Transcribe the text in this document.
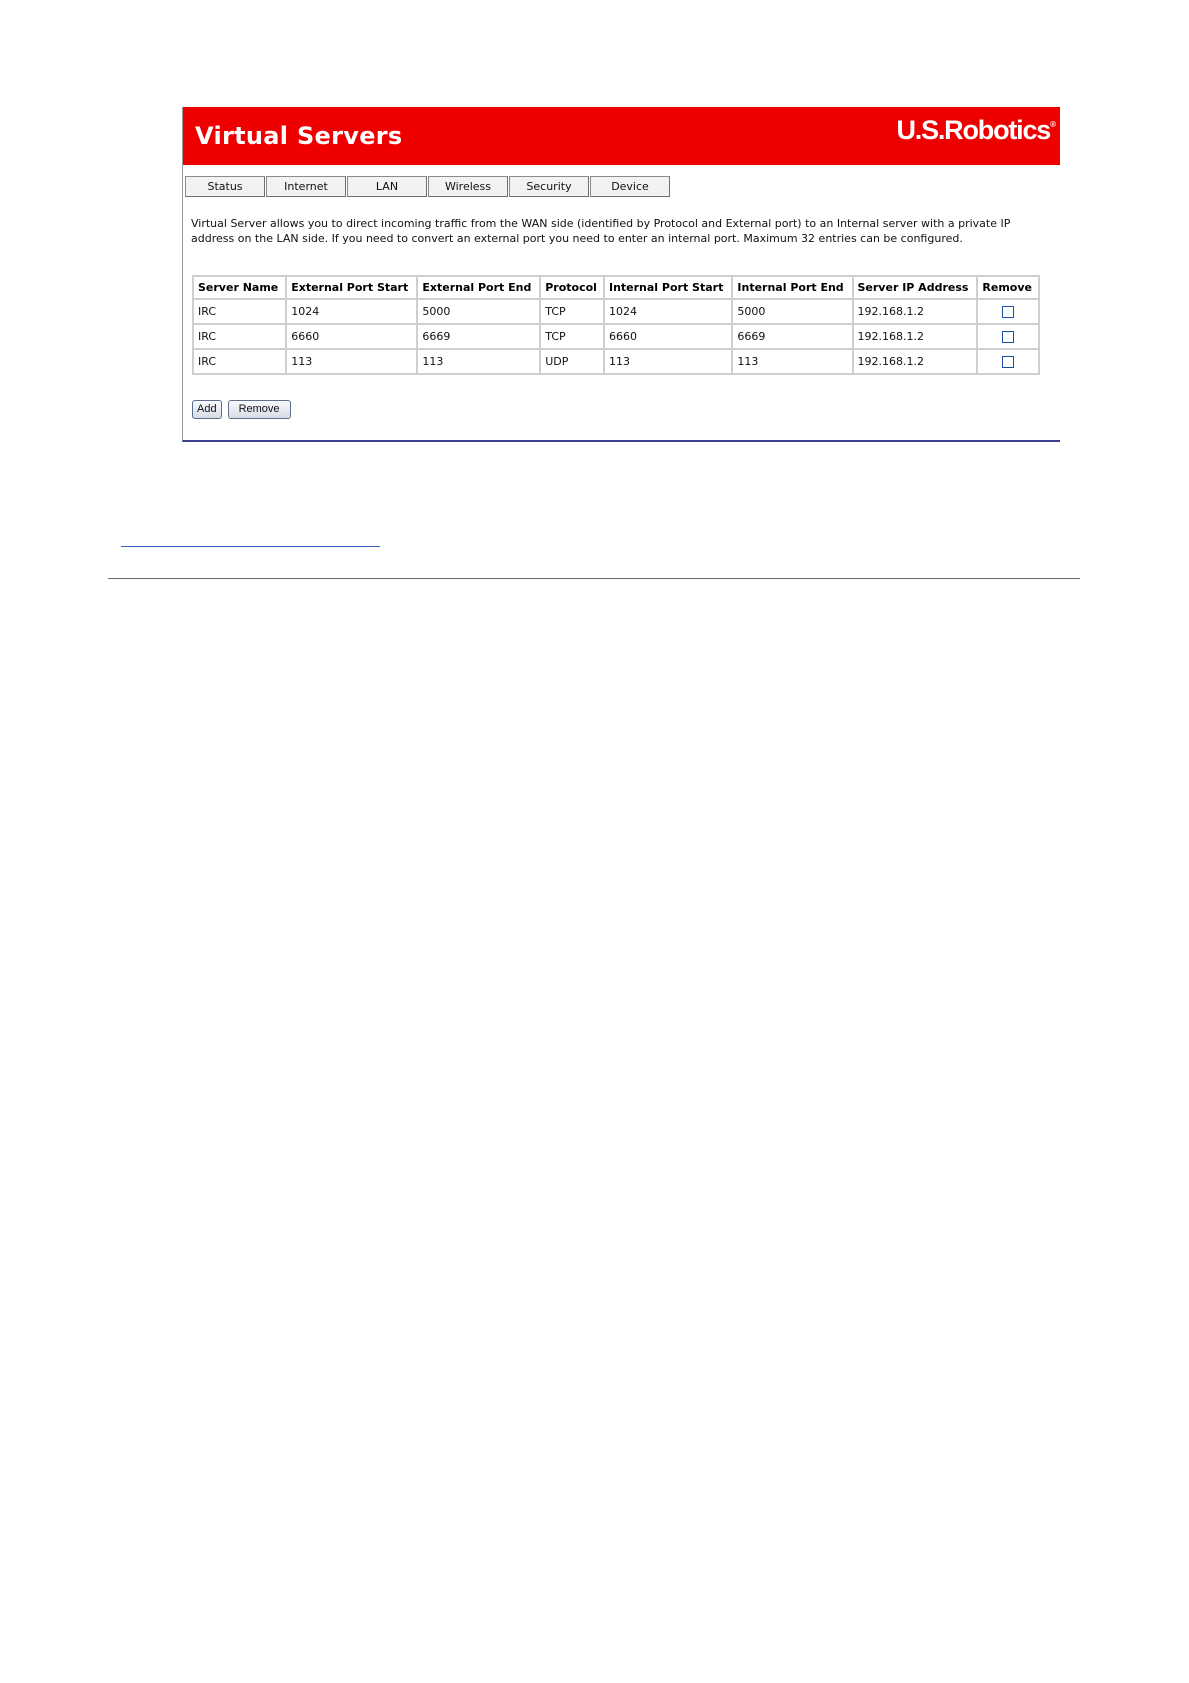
Virtual Servers	U.S.Robotics®
Status	Internet	LAN	Wireless	Security	Device
Virtual Server allows you to direct incoming traffic from the WAN side (identified by Protocol and External port) to an Internal server with a private IP address on the LAN side. If you need to convert an external port you need to enter an internal port. Maximum 32 entries can be configured.
Server Name	External Port Start	External Port End	Protocol	Internal Port Start	Internal Port End	Server IP Address	Remove
IRC	1024	5000	TCP	1024	5000	192.168.1.2	
IRC	6660	6669	TCP	6660	6669	192.168.1.2	
IRC	113	113	UDP	113	113	192.168.1.2	
Add	Remove
